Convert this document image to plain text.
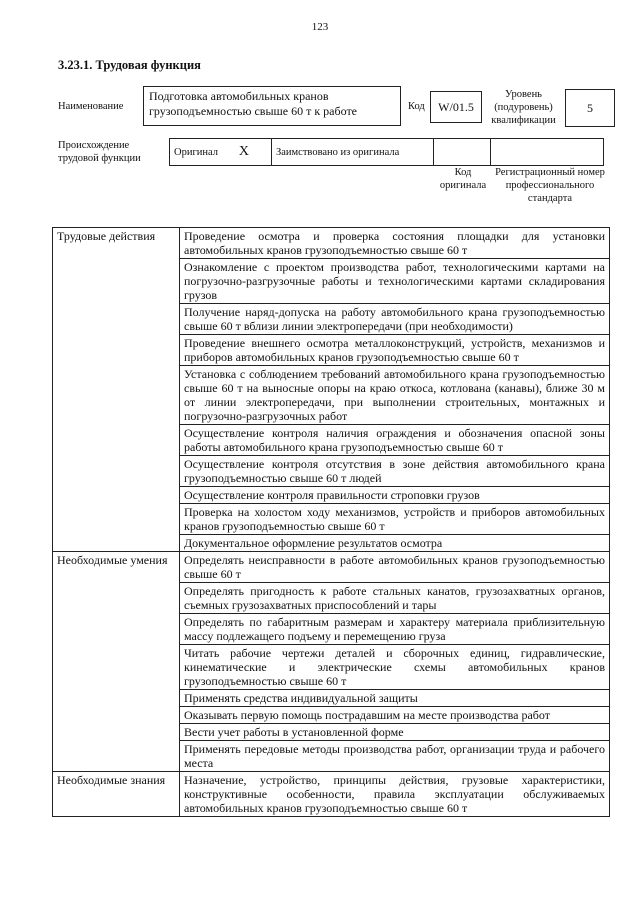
123
3.23.1. Трудовая функция
Наименование
Подготовка автомобильных кранов грузоподъемностью свыше 60 т к работе	Код	W/01.5
Уровень (подуровень) квалификации
5
Происхождение трудовой функции
Оригинал X	Заимствовано из оригинала
Код оригинала
Регистрационный номер профессионального стандарта
Трудовые действия	Проведение осмотра и проверка состояния площадки для установки автомобильных кранов грузоподъемностью свыше 60 т
	Ознакомление с проектом производства работ, технологическими картами на погрузочно-разгрузочные работы и технологическими картами складирования грузов
	Получение наряд-допуска на работу автомобильного крана грузоподъемностью свыше 60 т вблизи линии электропередачи (при необходимости)
	Проведение внешнего осмотра металлоконструкций, устройств, механизмов и приборов автомобильных кранов грузоподъемностью свыше 60 т
	Установка с соблюдением требований автомобильного крана грузоподъемностью свыше 60 т на выносные опоры на краю откоса, котлована (канавы), ближе 30 м от линии электропередачи, при выполнении строительных, монтажных и погрузочно-разгрузочных работ
	Осуществление контроля наличия ограждения и обозначения опасной зоны работы автомобильного крана грузоподъемностью свыше 60 т
	Осуществление контроля отсутствия в зоне действия автомобильного крана грузоподъемностью свыше 60 т людей
	Осуществление контроля правильности строповки грузов
	Проверка на холостом ходу механизмов, устройств и приборов автомобильных кранов грузоподъемностью свыше 60 т
	Документальное оформление результатов осмотра
Необходимые умения	Определять неисправности в работе автомобильных кранов грузоподъемностью свыше 60 т
	Определять пригодность к работе стальных канатов, грузозахватных органов, съемных грузозахватных приспособлений и тары
	Определять по габаритным размерам и характеру материала приблизительную массу подлежащего подъему и перемещению груза
	Читать рабочие чертежи деталей и сборочных единиц, гидравлические, кинематические и электрические схемы автомобильных кранов грузоподъемностью свыше 60 т
	Применять средства индивидуальной защиты
	Оказывать первую помощь пострадавшим на месте производства работ
	Вести учет работы в установленной форме
	Применять передовые методы производства работ, организации труда и рабочего места
Необходимые знания	Назначение, устройство, принципы действия, грузовые характеристики, конструктивные особенности, правила эксплуатации обслуживаемых автомобильных кранов грузоподъемностью свыше 60 т
